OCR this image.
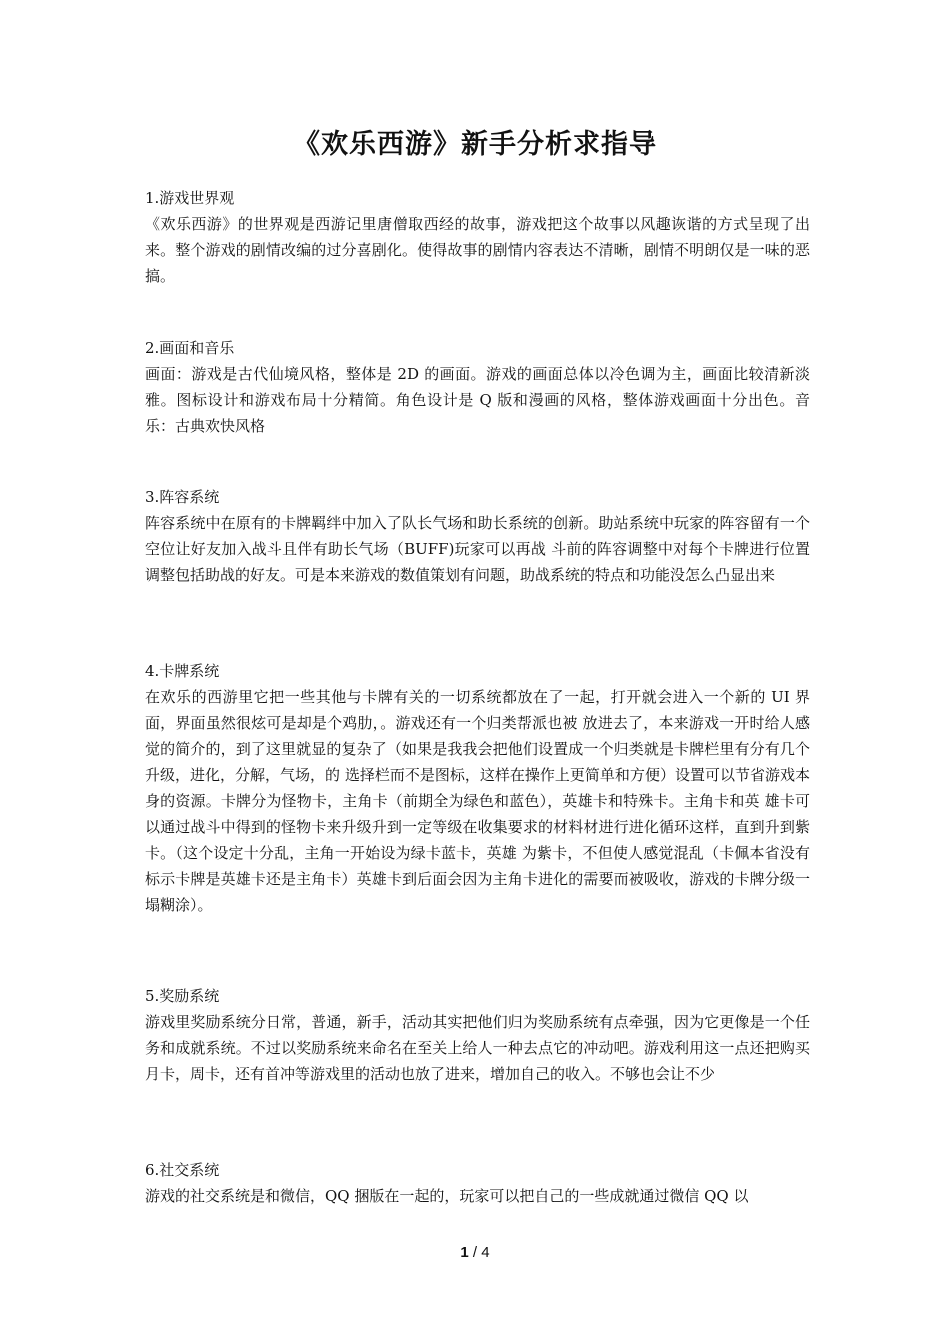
《欢乐西游》新手分析求指导
1.游戏世界观

《欢乐西游》的世界观是西游记里唐僧取西经的故事，游戏把这个故事以风趣诙谐的方式呈现了出来。整个游戏的剧情改编的过分喜剧化。使得故事的剧情内容表达不清晰，剧情不明朗仅是一味的恶搞。

2.画面和音乐

画面：游戏是古代仙境风格，整体是 2D 的画面。游戏的画面总体以冷色调为主，画面比较清新淡雅。图标设计和游戏布局十分精简。角色设计是 Q 版和漫画的风格，整体游戏画面十分出色。音乐：古典欢快风格

3.阵容系统

阵容系统中在原有的卡牌羁绊中加入了队长气场和助长系统的创新。助站系统中玩家的阵容留有一个空位让好友加入战斗且伴有助长气场（BUFF)玩家可以再战 斗前的阵容调整中对每个卡牌进行位置调整包括助战的好友。可是本来游戏的数值策划有问题，助战系统的特点和功能没怎么凸显出来

4.卡牌系统

在欢乐的西游里它把一些其他与卡牌有关的一切系统都放在了一起，打开就会进入一个新的 UI 界面，界面虽然很炫可是却是个鸡肋，。游戏还有一个归类帮派也被 放进去了，本来游戏一开时给人感觉的简介的，到了这里就显的复杂了（如果是我我会把他们设置成一个归类就是卡牌栏里有分有几个升级，进化，分解，气场，的 选择栏而不是图标，这样在操作上更简单和方便）设置可以节省游戏本身的资源。卡牌分为怪物卡，主角卡（前期全为绿色和蓝色），英雄卡和特殊卡。主角卡和英 雄卡可以通过战斗中得到的怪物卡来升级升到一定等级在收集要求的材料材进行进化循环这样，直到升到紫卡。（这个设定十分乱，主角一开始设为绿卡蓝卡，英雄 为紫卡，不但使人感觉混乱（卡佩本省没有标示卡牌是英雄卡还是主角卡）英雄卡到后面会因为主角卡进化的需要而被吸收，游戏的卡牌分级一塌糊涂）。

5.奖励系统

游戏里奖励系统分日常，普通，新手，活动其实把他们归为奖励系统有点牵强，因为它更像是一个任务和成就系统。不过以奖励系统来命名在至关上给人一种去点它的冲动吧。游戏利用这一点还把购买月卡，周卡，还有首冲等游戏里的活动也放了进来，增加自己的收入。不够也会让不少

6.社交系统

游戏的社交系统是和微信，QQ 捆版在一起的，玩家可以把自己的一些成就通过微信 QQ 以

1 / 4
